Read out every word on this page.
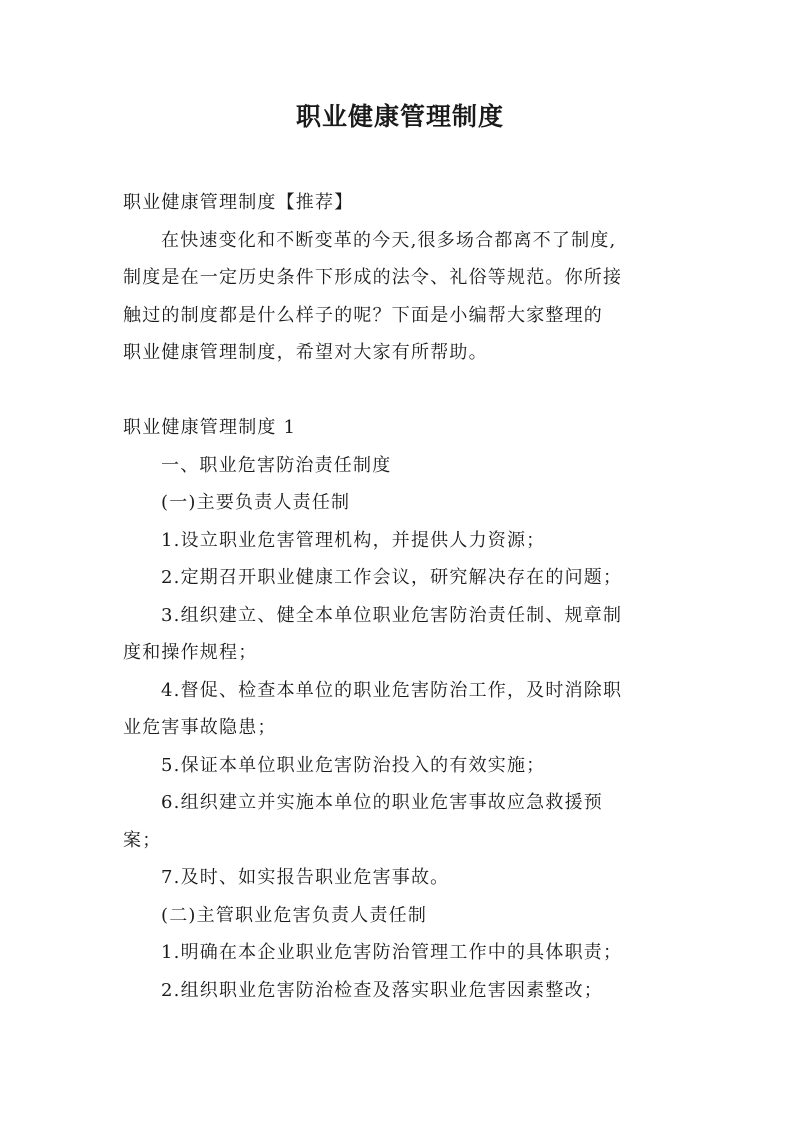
职业健康管理制度

职业健康管理制度【推荐】

在快速变化和不断变革的今天,很多场合都离不了制度,

制度是在一定历史条件下形成的法令、礼俗等规范。你所接

触过的制度都是什么样子的呢？下面是小编帮大家整理的

职业健康管理制度，希望对大家有所帮助。

职业健康管理制度 1

一、职业危害防治责任制度

(一)主要负责人责任制

1.设立职业危害管理机构，并提供人力资源；

2.定期召开职业健康工作会议，研究解决存在的问题；

3.组织建立、健全本单位职业危害防治责任制、规章制

度和操作规程；

4.督促、检查本单位的职业危害防治工作，及时消除职

业危害事故隐患；

5.保证本单位职业危害防治投入的有效实施；

6.组织建立并实施本单位的职业危害事故应急救援预

案；

7.及时、如实报告职业危害事故。

(二)主管职业危害负责人责任制

1.明确在本企业职业危害防治管理工作中的具体职责；

2.组织职业危害防治检查及落实职业危害因素整改；
